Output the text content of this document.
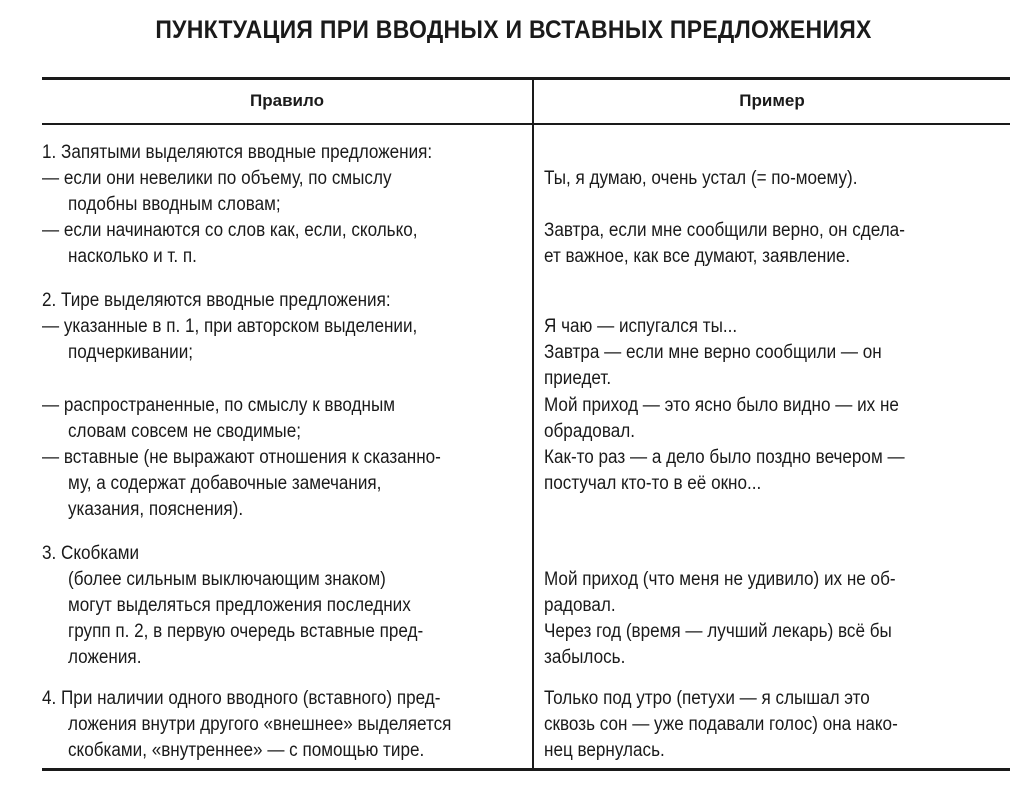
ПУНКТУАЦИЯ ПРИ ВВОДНЫХ И ВСТАВНЫХ ПРЕДЛОЖЕНИЯХ
Правило	Пример
1. Запятыми выделяются вводные предложения:
— если они невелики по объему, по смыслу
подобны вводным словам;
— если начинаются со слов как, если, сколько,
насколько и т. п.
2. Тире выделяются вводные предложения:
— указанные в п. 1, при авторском выделении,
подчеркивании;
— распространенные, по смыслу к вводным
словам совсем не сводимые;
— вставные (не выражают отношения к сказанно-
му, а содержат добавочные замечания,
указания, пояснения).
3. Скобками
(более сильным выключающим знаком)
могут выделяться предложения последних
групп п. 2, в первую очередь вставные пред-
ложения.
4. При наличии одного вводного (вставного) пред-
ложения внутри другого «внешнее» выделяется
скобками, «внутреннее» — с помощью тире.
Ты, я думаю, очень устал (= по-моему).
Завтра, если мне сообщили верно, он сдела-
ет важное, как все думают, заявление.
Я чаю — испугался ты...
Завтра — если мне верно сообщили — он
приедет.
Мой приход — это ясно было видно — их не
обрадовал.
Как-то раз — а дело было поздно вечером —
постучал кто-то в её окно...
Мой приход (что меня не удивило) их не об-
радовал.
Через год (время — лучший лекарь) всё бы
забылось.
Только под утро (петухи — я слышал это
сквозь сон — уже подавали голос) она нако-
нец вернулась.
